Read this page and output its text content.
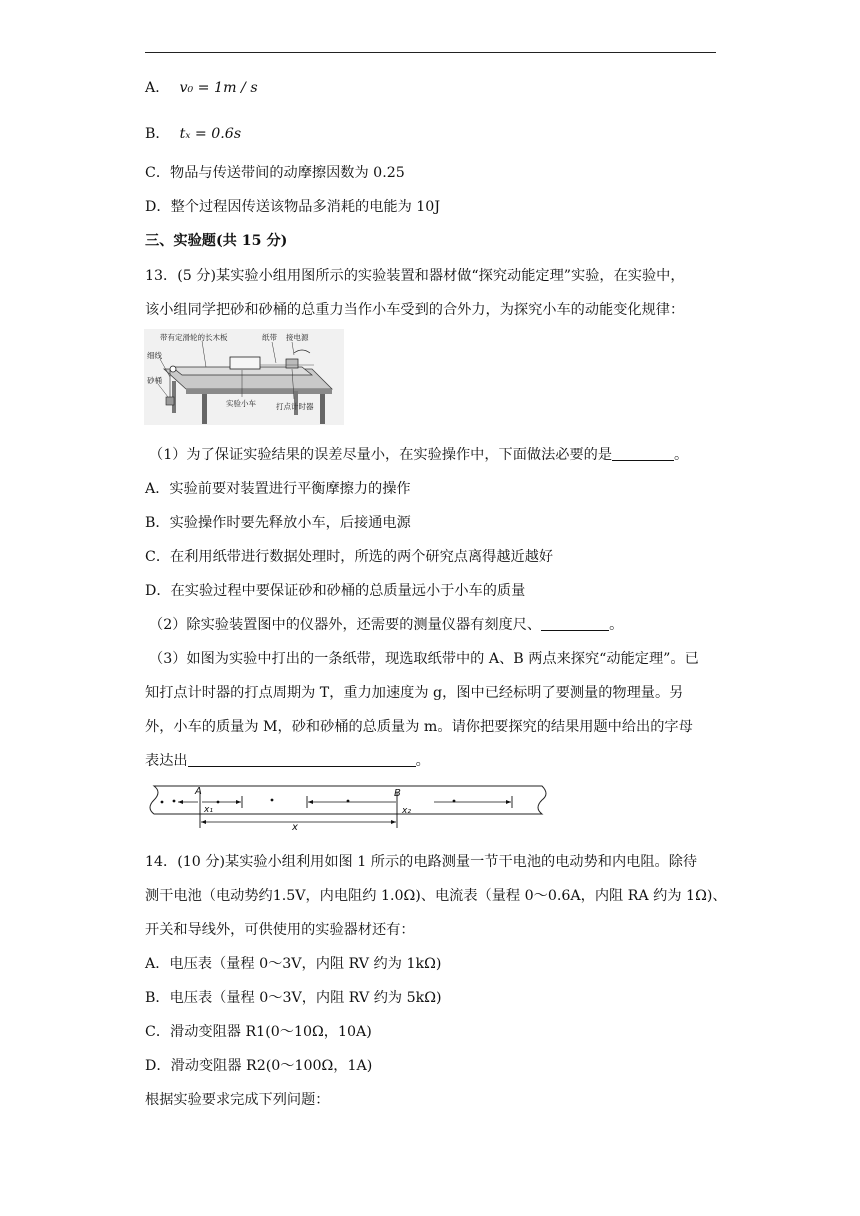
A． v₀ = 1m / s
B． tₓ = 0.6s
C．物品与传送带间的动摩擦因数为 0.25
D．整个过程因传送该物品多消耗的电能为 10J
三、实验题(共 15 分)
13．(5 分)某实验小组用图所示的实验装置和器材做“探究动能定理”实验，在实验中，
该小组同学把砂和砂桶的总重力当作小车受到的合外力，为探究小车的动能变化规律：
带有定滑轮的长木板	纸带 接电源
细线
砂桶
实验小车	打点计时器
（1）为了保证实验结果的误差尽量小，在实验操作中，下面做法必要的是	。
A．实验前要对装置进行平衡摩擦力的操作
B．实验操作时要先释放小车，后接通电源
C．在利用纸带进行数据处理时，所选的两个研究点离得越近越好
D．在实验过程中要保证砂和砂桶的总质量远小于小车的质量
（2）除实验装置图中的仪器外，还需要的测量仪器有刻度尺、	。
（3）如图为实验中打出的一条纸带，现选取纸带中的 A、B 两点来探究“动能定理”。已
知打点计时器的打点周期为 T，重力加速度为 g，图中已经标明了要测量的物理量。另
外，小车的质量为 M，砂和砂桶的总质量为 m。请你把要探究的结果用题中给出的字母
表达出	。
A	B
x₁	x₂
x
14．(10 分)某实验小组利用如图 1 所示的电路测量一节干电池的电动势和内电阻。除待
测干电池（电动势约1.5V，内电阻约 1.0Ω)、电流表（量程 0～0.6A，内阻 RA 约为 1Ω)、
开关和导线外，可供使用的实验器材还有：
A．电压表（量程 0～3V，内阻 RV 约为 1kΩ)
B．电压表（量程 0～3V，内阻 RV 约为 5kΩ)
C．滑动变阻器 R1(0～10Ω，10A)
D．滑动变阻器 R2(0～100Ω，1A)
根据实验要求完成下列问题：
